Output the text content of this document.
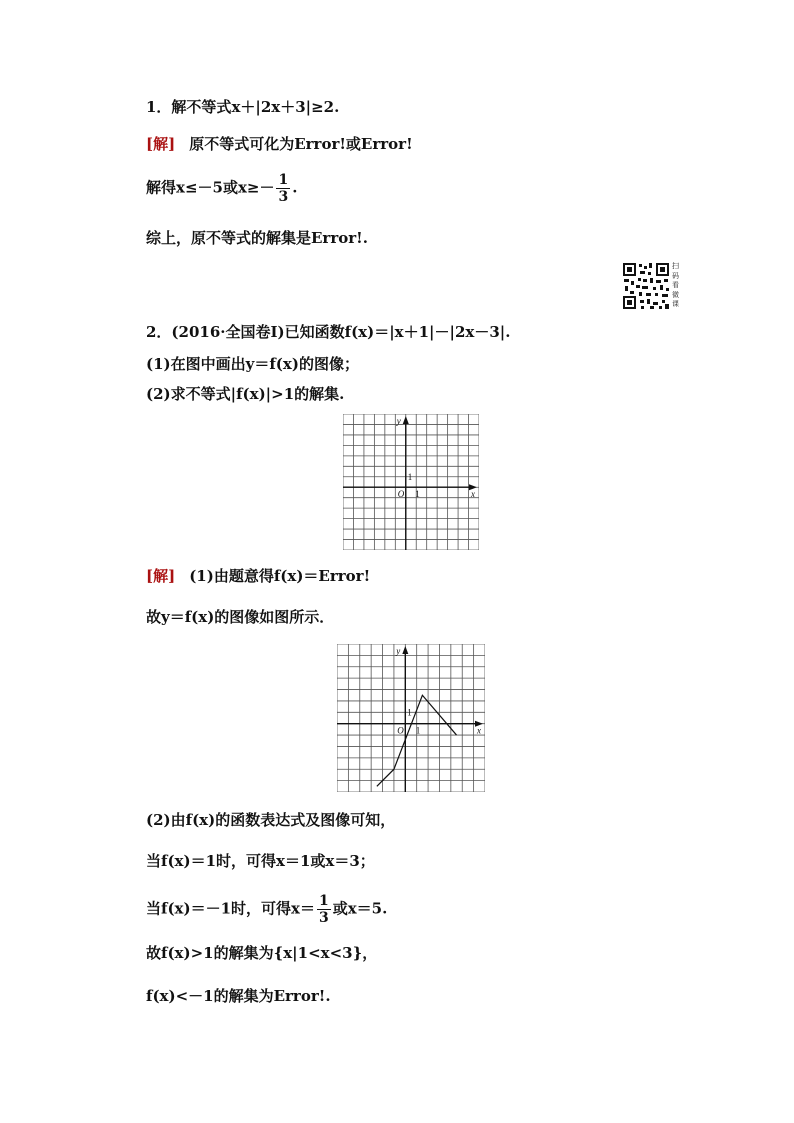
1．解不等式x＋|2x＋3|≥2.
[解] 原不等式可化为Error!或Error!
解得x≤－5或$x\ge- \frac{1}{3}$ .
综上，原不等式的解集是Error!.
扫
码
看
微
课
2．(2016·全国卷Ⅰ)已知函数f(x)＝|x＋1|－|2x－3|.
(1)在图中画出y＝f(x)的图像；
(2)求不等式|f(x)|>1的解集.
x
y
O 1
1
[解] (1)由题意得f(x)＝Error!
故y＝f(x)的图像如图所示．
x
y
O 1
1
(2)由f(x)的函数表达式及图像可知，
当f(x)＝1时，可得x＝1或x＝3；
当f(x)＝－1时，可得$x= \frac{1}{3}$ 或x＝5.
故f(x)>1的解集为{x|1<x<3}，
f(x)<－1的解集为Error!.
